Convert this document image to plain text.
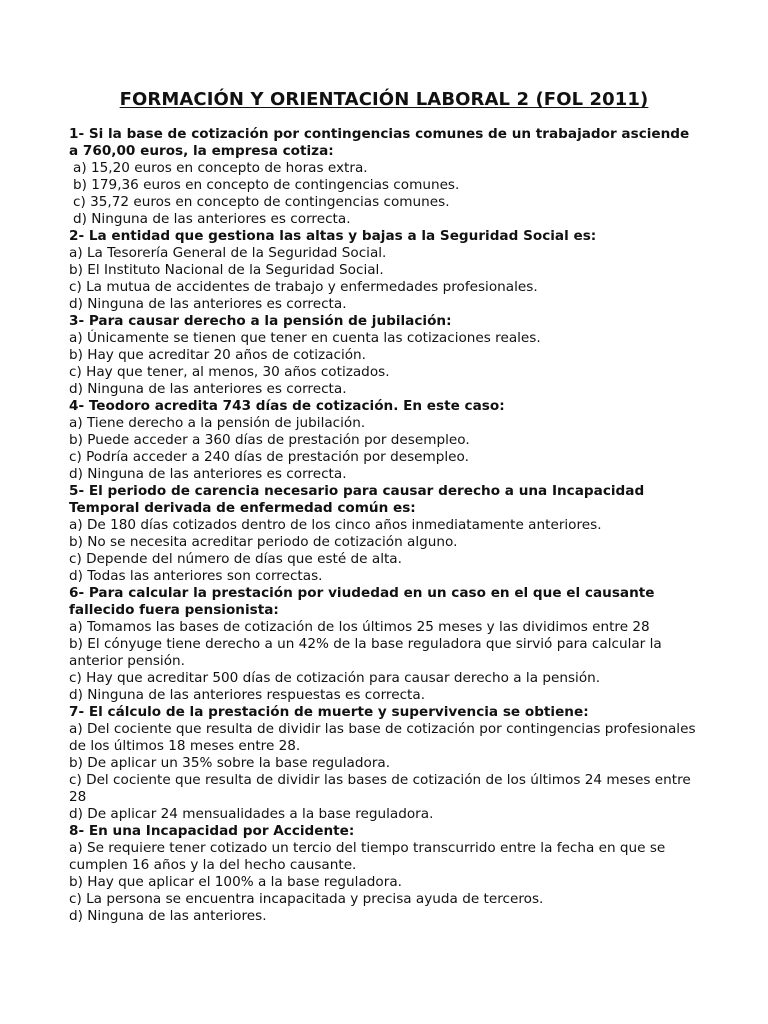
FORMACIÓN Y ORIENTACIÓN LABORAL 2 (FOL 2011)

1- Si la base de cotización por contingencias comunes de un trabajador asciende a 760,00 euros, la empresa cotiza:

a) 15,20 euros en concepto de horas extra.
b) 179,36 euros en concepto de contingencias comunes.
c) 35,72 euros en concepto de contingencias comunes.
d) Ninguna de las anteriores es correcta.

2- La entidad que gestiona las altas y bajas a la Seguridad Social es:

a) La Tesorería General de la Seguridad Social.
b) El Instituto Nacional de la Seguridad Social.
c) La mutua de accidentes de trabajo y enfermedades profesionales.
d) Ninguna de las anteriores es correcta.

3- Para causar derecho a la pensión de jubilación:

a) Únicamente se tienen que tener en cuenta las cotizaciones reales.
b) Hay que acreditar 20 años de cotización.
c) Hay que tener, al menos, 30 años cotizados.
d) Ninguna de las anteriores es correcta.

4- Teodoro acredita 743 días de cotización. En este caso:

a) Tiene derecho a la pensión de jubilación.
b) Puede acceder a 360 días de prestación por desempleo.
c) Podría acceder a 240 días de prestación por desempleo.
d) Ninguna de las anteriores es correcta.

5- El periodo de carencia necesario para causar derecho a una Incapacidad Temporal derivada de enfermedad común es:

a) De 180 días cotizados dentro de los cinco años inmediatamente anteriores.
b) No se necesita acreditar periodo de cotización alguno.
c) Depende del número de días que esté de alta.
d) Todas las anteriores son correctas.

6- Para calcular la prestación por viudedad en un caso en el que el causante fallecido fuera pensionista:

a) Tomamos las bases de cotización de los últimos 25 meses y las dividimos entre 28
b) El cónyuge tiene derecho a un 42% de la base reguladora que sirvió para calcular la anterior pensión.
c) Hay que acreditar 500 días de cotización para causar derecho a la pensión.
d) Ninguna de las anteriores respuestas es correcta.

7- El cálculo de la prestación de muerte y supervivencia se obtiene:

a) Del cociente que resulta de dividir las base de cotización por contingencias profesionales de los últimos 18 meses entre 28.
b) De aplicar un 35% sobre la base reguladora.
c) Del cociente que resulta de dividir las bases de cotización de los últimos 24 meses entre 28
d) De aplicar 24 mensualidades a la base reguladora.

8- En una Incapacidad por Accidente:

a) Se requiere tener cotizado un tercio del tiempo transcurrido entre la fecha en que se cumplen 16 años y la del hecho causante.
b) Hay que aplicar el 100% a la base reguladora.
c) La persona se encuentra incapacitada y precisa ayuda de terceros.
d) Ninguna de las anteriores.
